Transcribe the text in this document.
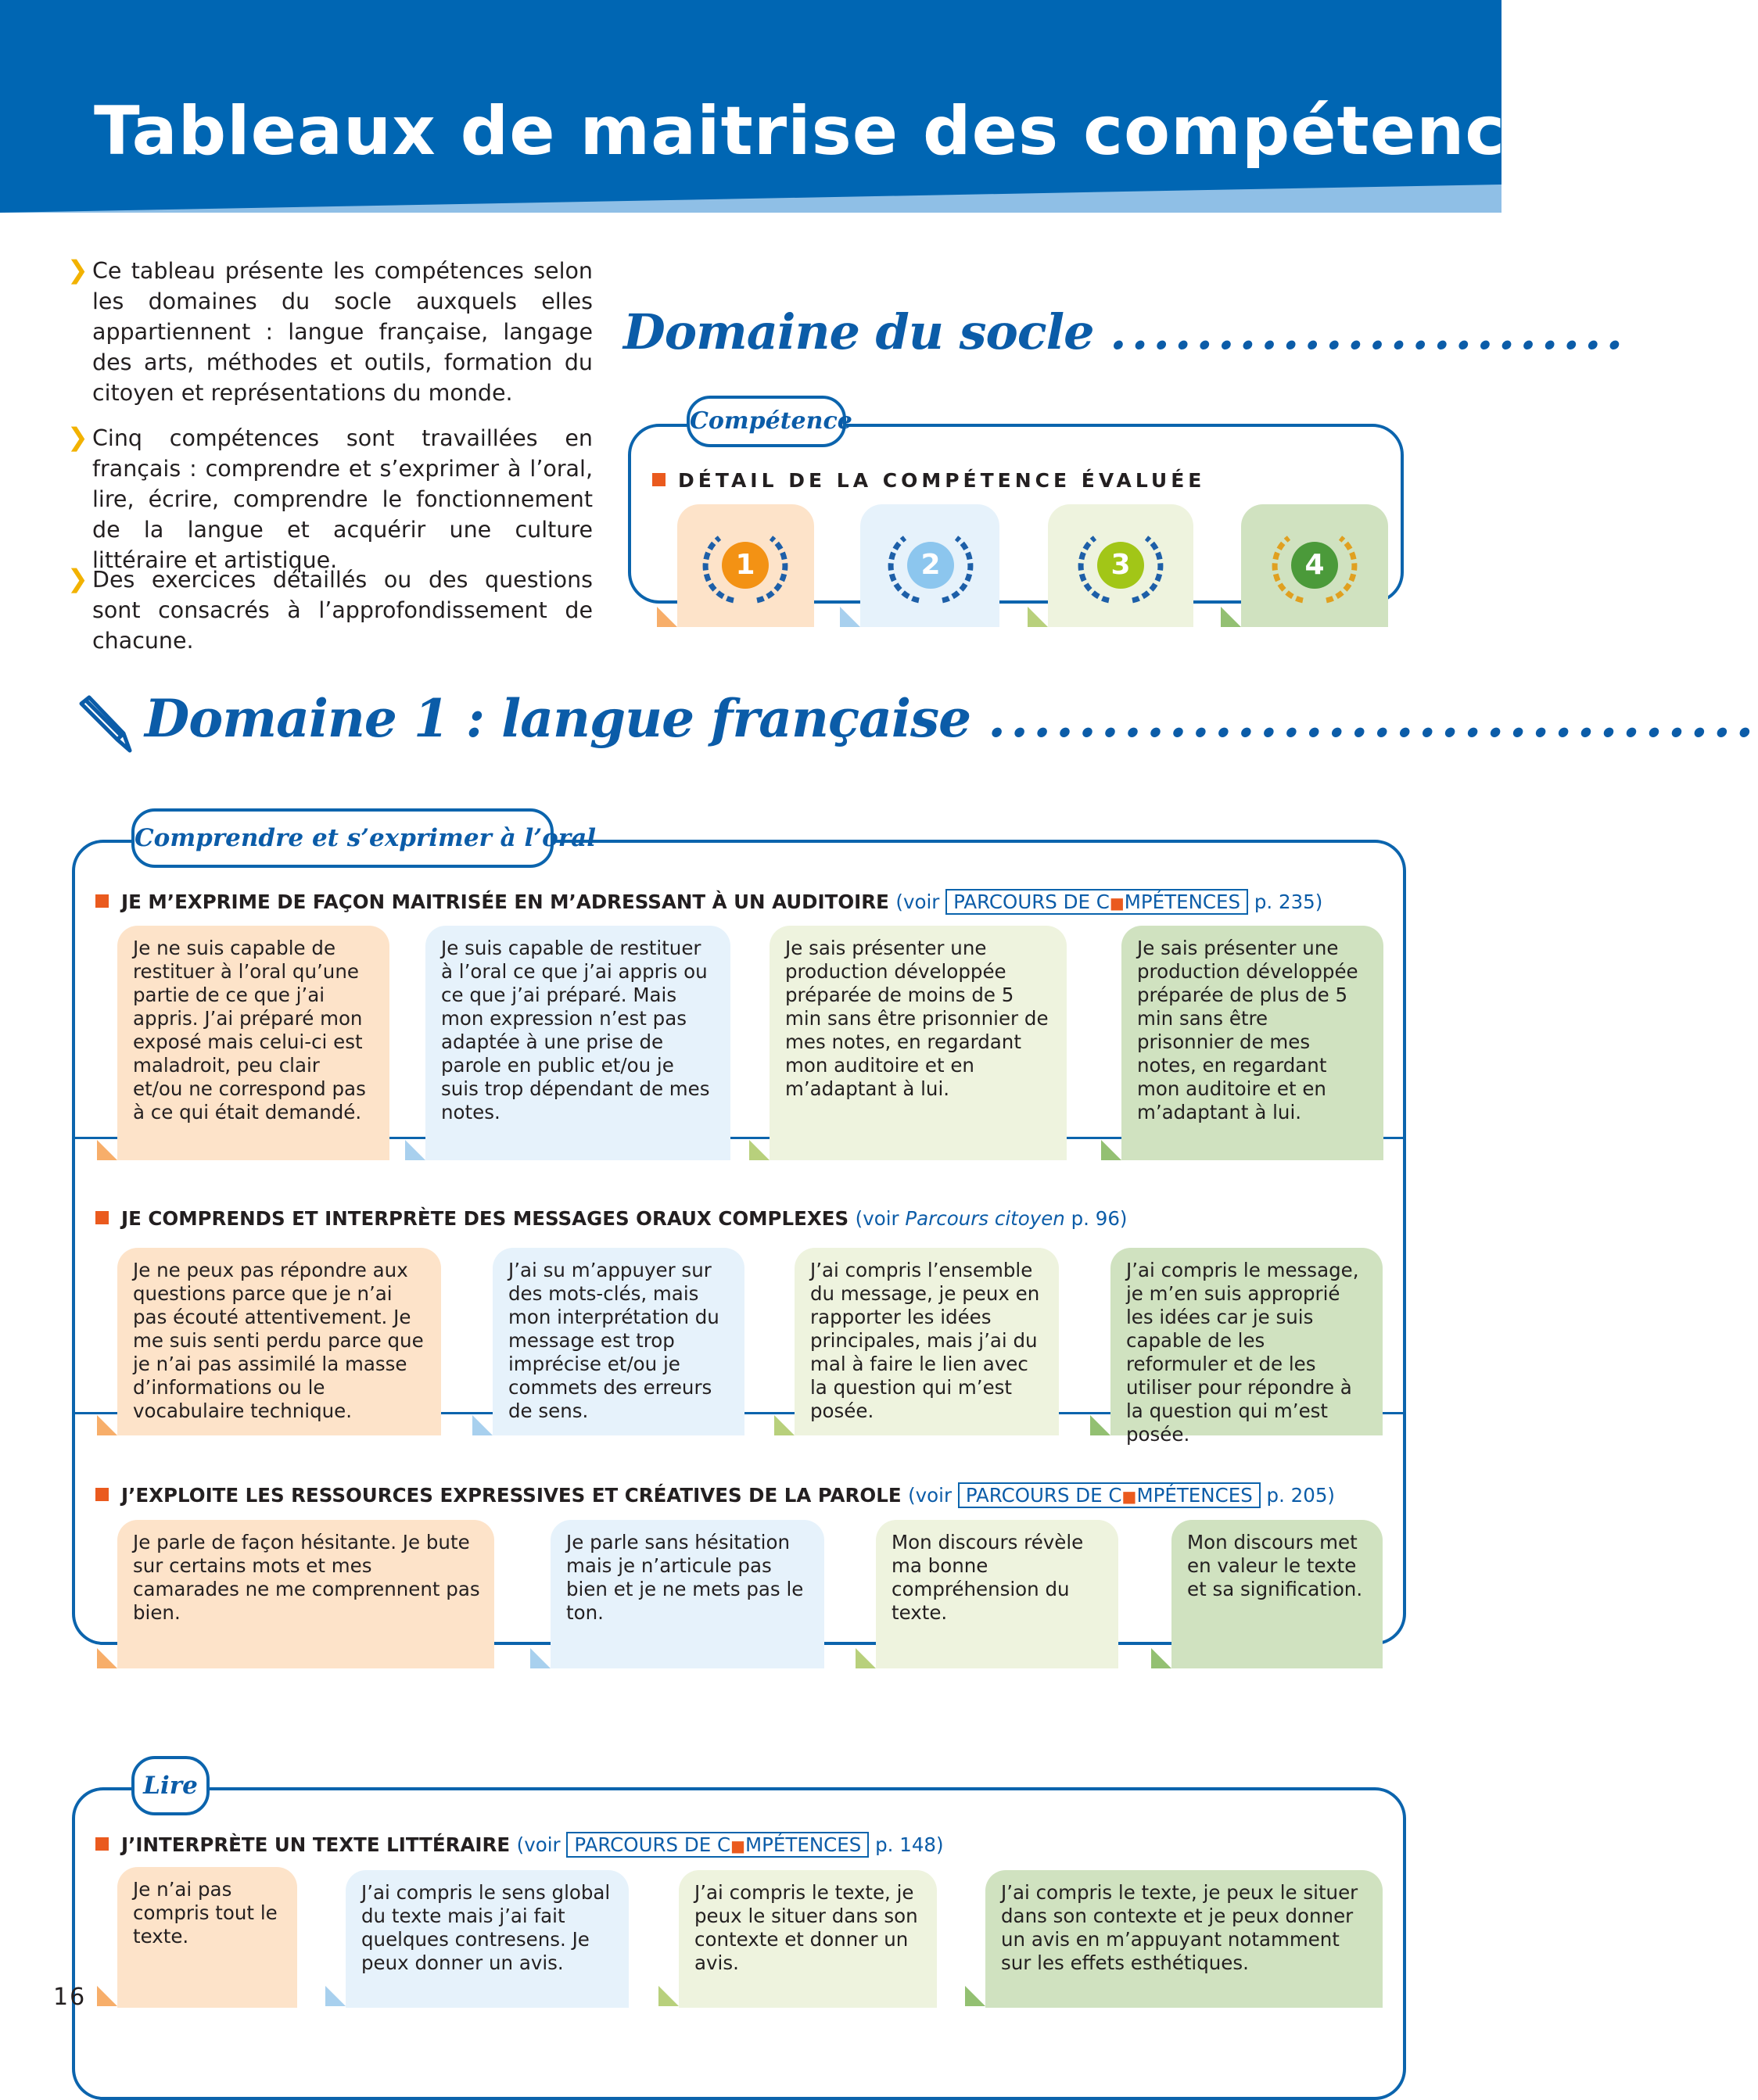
Tableaux de maitrise des compétences
❯ Ce tableau présente les compétences selon les domaines du socle auxquels elles appartiennent : langue française, langage des arts, méthodes et outils, formation du citoyen et représentations du monde.
❯ Cinq compétences sont travaillées en français : comprendre et s’exprimer à l’oral, lire, écrire, comprendre le fonctionnement de la langue et acquérir une culture littéraire et artistique.
❯ Des exercices détaillés ou des questions sont consacrés à l’approfondissement de chacune.
Domaine du socle ........................
Compétence
DÉTAIL DE LA COMPÉTENCE ÉVALUÉE
1	2	3	4
Domaine 1 : langue française ..................................
Comprendre et s’exprimer à l’oral
JE M’EXPRIME DE FAÇON MAITRISÉE EN M’ADRESSANT À UN AUDITOIRE (voir PARCOURS DE C■MPÉTENCES p. 235)
Je ne suis capable de restituer à l’oral qu’une partie de ce que j’ai appris. J’ai préparé mon exposé mais celui-ci est maladroit, peu clair et/ou ne correspond pas à ce qui était demandé.
Je suis capable de restituer à l’oral ce que j’ai appris ou ce que j’ai préparé. Mais mon expression n’est pas adaptée à une prise de parole en public et/ou je suis trop dépendant de mes notes.
Je sais présenter une production développée préparée de moins de 5 min sans être prisonnier de mes notes, en regardant mon auditoire et en m’adaptant à lui.
Je sais présenter une production développée préparée de plus de 5 min sans être prisonnier de mes notes, en regardant mon auditoire et en m’adaptant à lui.
JE COMPRENDS ET INTERPRÈTE DES MESSAGES ORAUX COMPLEXES (voir Parcours citoyen p. 96)
Je ne peux pas répondre aux questions parce que je n’ai pas écouté attentivement. Je me suis senti perdu parce que je n’ai pas assimilé la masse d’informations ou le vocabulaire technique.
J’ai su m’appuyer sur des mots-clés, mais mon interprétation du message est trop imprécise et/ou je commets des erreurs de sens.
J’ai compris l’ensemble du message, je peux en rapporter les idées principales, mais j’ai du mal à faire le lien avec la question qui m’est posée.
J’ai compris le message, je m’en suis approprié les idées car je suis capable de les reformuler et de les utiliser pour répondre à la question qui m’est posée.
J’EXPLOITE LES RESSOURCES EXPRESSIVES ET CRÉATIVES DE LA PAROLE (voir PARCOURS DE C■MPÉTENCES p. 205)
Je parle de façon hésitante. Je bute sur certains mots et mes camarades ne me comprennent pas bien.
Je parle sans hésitation mais je n’articule pas bien et je ne mets pas le ton.
Mon discours révèle ma bonne compréhension du texte.
Mon discours met en valeur le texte et sa signification.
Lire
J’INTERPRÈTE UN TEXTE LITTÉRAIRE (voir PARCOURS DE C■MPÉTENCES p. 148)
Je n’ai pas compris tout le texte.
J’ai compris le sens global du texte mais j’ai fait quelques contresens. Je peux donner un avis.
J’ai compris le texte, je peux le situer dans son contexte et donner un avis.
J’ai compris le texte, je peux le situer dans son contexte et je peux donner un avis en m’appuyant notamment sur les effets esthétiques.
16
